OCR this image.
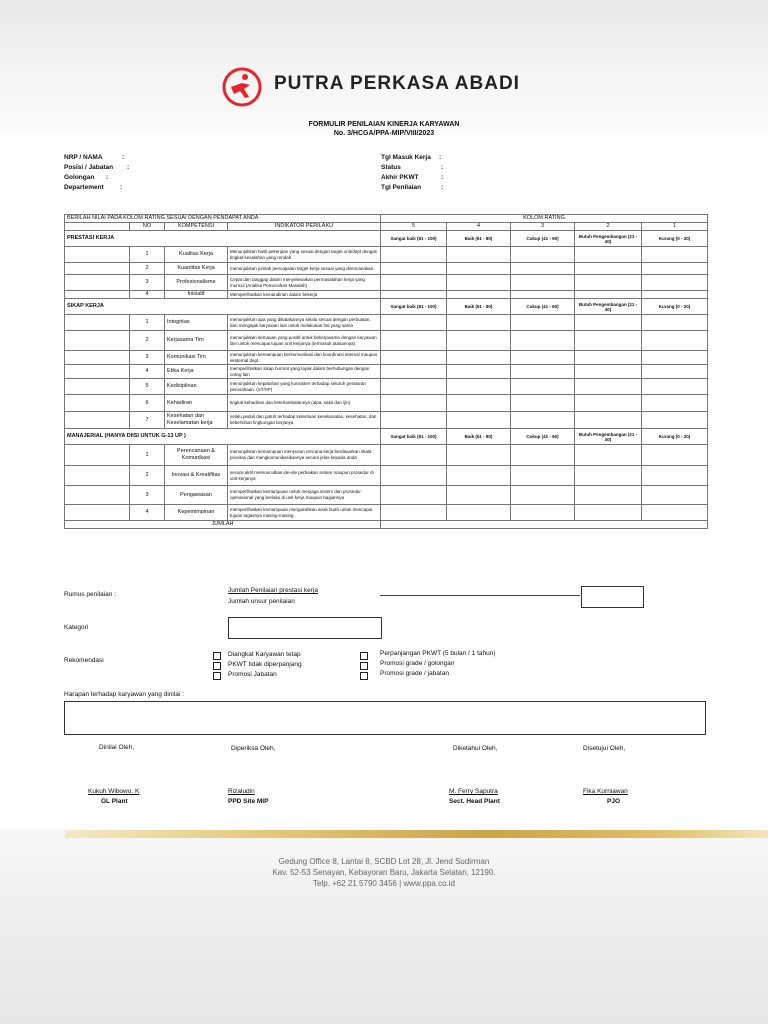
PUTRA PERKASA ABADI
FORMULIR PENILAIAN KINERJA KARYAWAN
No. 3/HCGA/PPA-MIP/VIII/2023
NRP / NAMA	:
Posisi / Jabatan :
Golongan :
Departement	:
Tgl Masuk Kerja :
Status	:
Akhir PKWT	:
Tgl Penilaian	:
BERILAH NILAI PADA KOLOM RATING SESUAI DENGAN PENDAPAT ANDA				KOLOM RATING				
	NO	KOMPETENSI	INDIKATOR PERILAKU	5	4	3	2	1
PRESTASI KERJA				Sangat baik (81 - 100)	Baik (61 - 80)	Cukup (41 - 60)	Butuh Pengembangan (21 - 40)	Kurang (0 - 20)
	1	Kualitas Kerja	Menunjukkan hasil pekerjaan yang sesuai dengan target unit/dept dengan tingkat kesalahan yang rendah					
	2	Kuantitas Kerja	menunjukkan jumlah pencapaian target kerja sesuai yang direncanakan					
	3	Profesionalisme	Cepat dan tanggap dalam menyelesaikan permasalahan kerja yang muncul (Analisa Pemecahan Masalah)					
	4	Inisiatif	Memperlihatkan kemandirian dalam bekerja					
SIKAP KERJA				Sangat baik (81 - 100)	Baik (61 - 80)	Cukup (41 - 60)	Butuh Pengembangan (21 - 40)	Kurang (0 - 20)
	1	Integritas	menunjukkan apa yang dikatakannya selalu sesuai dengan perbuatan, dan mengajak karyawan lain untuk melakukan hal yang sama					
	2	Kerjasama Tim	menunjukkan kemauan yang positif untuk bekerjasama dengan karyawan lain untuk mencapai tujuan unit kerjanya (termasuk atasannya)					
	3	Komunikasi Tim	menunjukkan kemampuan berkomunikasi dan koordinasi internal maupun eksternal dept.					
	4	Etika Kerja	memperlihatkan sikap hormat yang layak dalam berhubungan dengan orang lain					
	5	Kedisiplinan	menunjukkan kepatuhan yang konsisten terhadap seluruh peraturan perusahaan. (ST/SP)					
	6	Kehadiran	tingkat kehadiran dan keterlambatannya (alpa, sakit dan ijin)					
	7	Kesehatan dan Keselamatan kerja	selalu peduli dan patuh terhadap ketentuan keselamatan, kesehatan, dan kebersihan lingkungan kerjanya					
MANAJERIAL (HANYA DIISI UNTUK G-13 UP )				Sangat baik (81 - 100)	Baik (61 - 80)	Cukup (41 - 60)	Butuh Pengembangan (21 - 40)	Kurang (0 - 20)
	1	Perencanaan & Komunikasi	menunjukkan kemampuan menyusun rencana kerja berdasarkan skala prioritas dan mengkomunikasikannya secara jelas kepada anda					
	2	Inovasi & Kreatifitas	secara aktif memunculkan ide-ide perbaikan sistem maupun prosedur di unit kerjanya					
	3	Pengawasan	memperlihatkan kemampuan untuk menjaga sistem dan prosedur operasional yang berlaku di unit kerja maupun bagiannya					
	4	Kepemimpinan	memperlihatkan kemampuan mengarahkan anak buah untuk mencapai tujuan tugasnya masing-masing					
JUMLAH								
Rumus penilaian :
Jumlah Penilaian prestasi kerja
Jumlah unsur penilaian
Kategori
Rekomendasi
Diangkat Karyawan tetap
PKWT tidak diperpanjang
Promosi Jabatan
Perpanjangan PKWT (5 bulan / 1 tahun)
Promosi grade / golongan
Promosi grade / jabatan
Harapan terhadap karyawan yang dinilai :
Dinilai Oleh,	Diperiksa Oleh,	Diketahui Oleh,	Disetujui Oleh,
Kukuh Wibowo. K	Rizaludin	M. Ferry Saputra	Fika Kurniawan
GL Plant	PPD Site MIP	Sect. Head Plant	PJO
Gedung Office 8, Lantai 8, SCBD Lot 28, Jl. Jend Sudirman
Kav. 52-53 Senayan, Kebayoran Baru, Jakarta Selatan, 12190.
Telp. +62 21 5790 3456 | www.ppa.co.id
